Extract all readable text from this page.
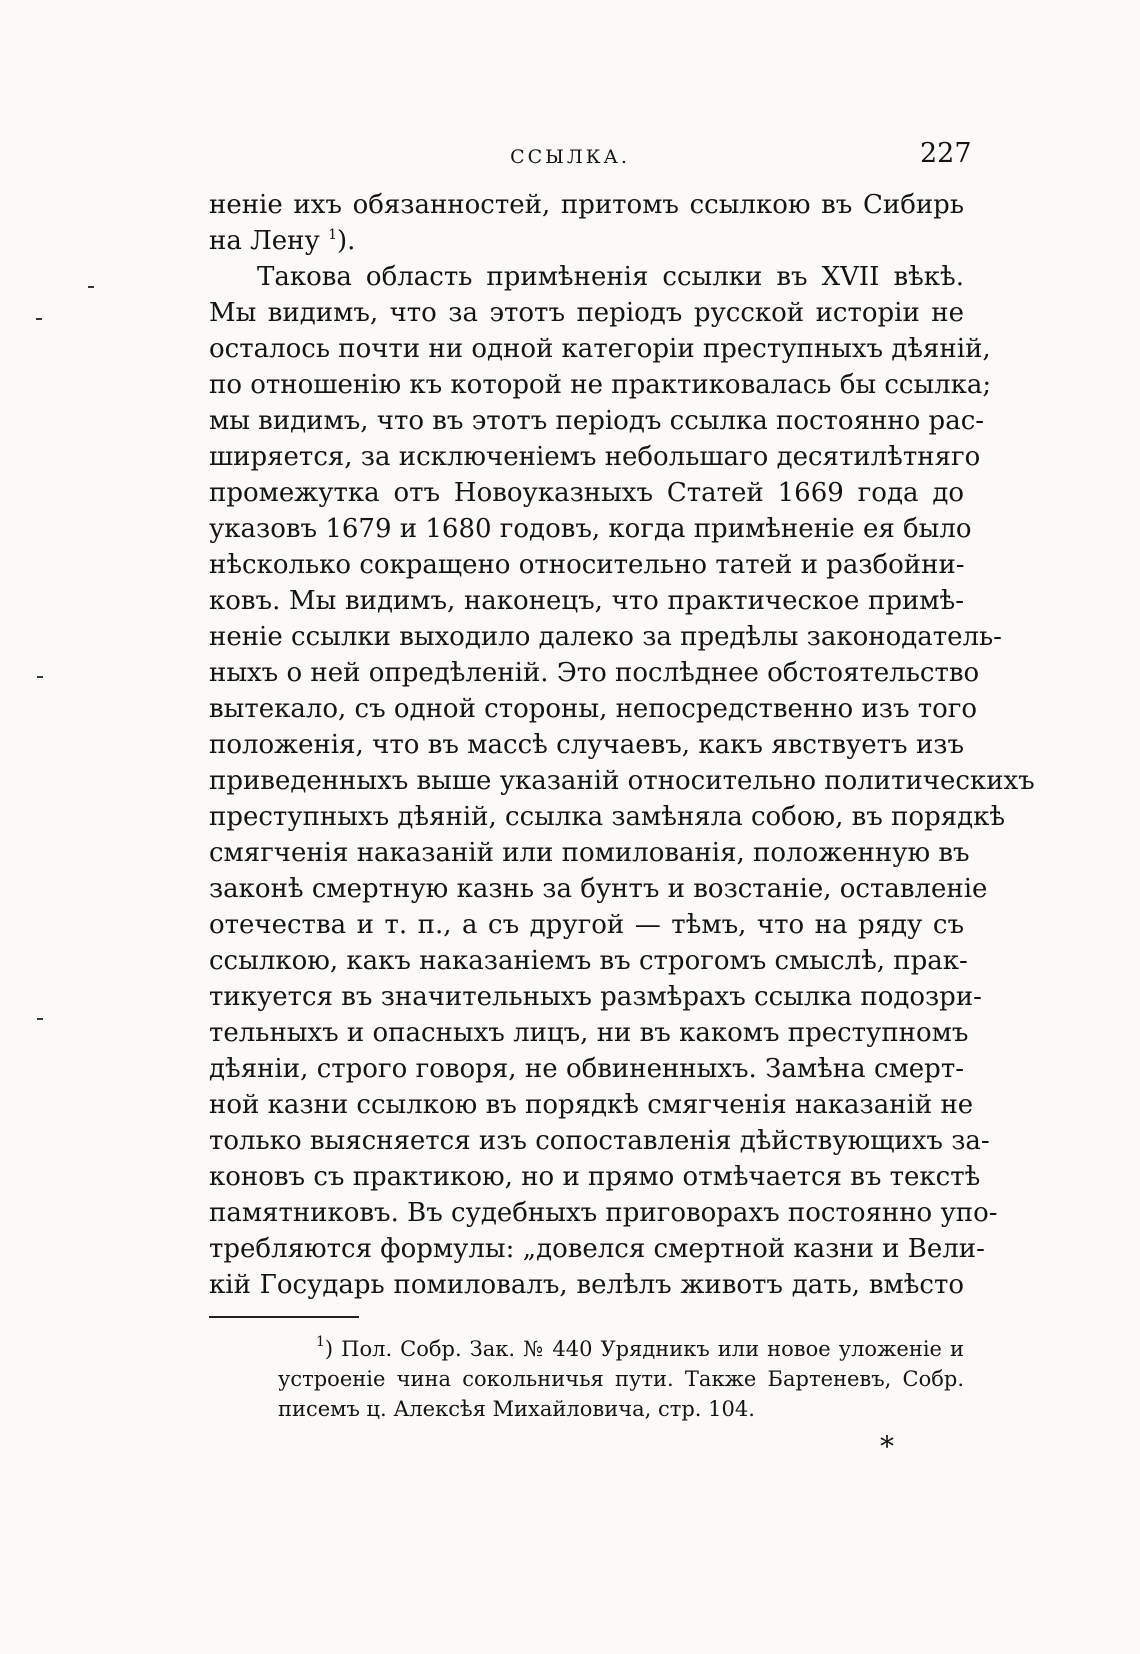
ССЫЛКА.	227
неніе ихъ обязанностей, притомъ ссылкою въ Сибирь
на Лену $^1$).
Такова область примѣненія ссылки въ XVII вѣкѣ.
Мы видимъ, что за этотъ періодъ русской исторіи не
осталось почти ни одной категоріи преступныхъ дѣяній,
по отношенію къ которой не практиковалась бы ссылка;
мы видимъ, что въ этотъ періодъ ссылка постоянно рас-
ширяется, за исключеніемъ небольшаго десятилѣтняго
промежутка отъ Новоуказныхъ Статей 1669 года до
указовъ 1679 и 1680 годовъ, когда примѣненіе ея было
нѣсколько сокращено относительно татей и разбойни-
ковъ. Мы видимъ, наконецъ, что практическое примѣ-
неніе ссылки выходило далеко за предѣлы законодатель-
ныхъ о ней опредѣленій. Это послѣднее обстоятельство
вытекало, съ одной стороны, непосредственно изъ того
положенія, что въ массѣ случаевъ, какъ явствуетъ изъ
приведенныхъ выше указаній относительно политическихъ
преступныхъ дѣяній, ссылка замѣняла собою, въ порядкѣ
смягченія наказаній или помилованія, положенную въ
законѣ смертную казнь за бунтъ и возстаніе, оставленіе
отечества и т. п., а съ другой — тѣмъ, что на ряду съ
ссылкою, какъ наказаніемъ въ строгомъ смыслѣ, прак-
тикуется въ значительныхъ размѣрахъ ссылка подозри-
тельныхъ и опасныхъ лицъ, ни въ какомъ преступномъ
дѣяніи, строго говоря, не обвиненныхъ. Замѣна смерт-
ной казни ссылкою въ порядкѣ смягченія наказаній не
только выясняется изъ сопоставленія дѣйствующихъ за-
коновъ съ практикою, но и прямо отмѣчается въ текстѣ
памятниковъ. Въ судебныхъ приговорахъ постоянно упо-
требляются формулы: „довелся смертной казни и Вели-
кій Государь помиловалъ, велѣлъ животъ дать, вмѣсто
$^1$) Пол. Собр. Зак. № 440 Урядникъ или новое уложеніе и
устроеніе чина сокольничья пути. Также Бартеневъ, Собр.
писемъ ц. Алексѣя Михайловича, стр. 104.
*
